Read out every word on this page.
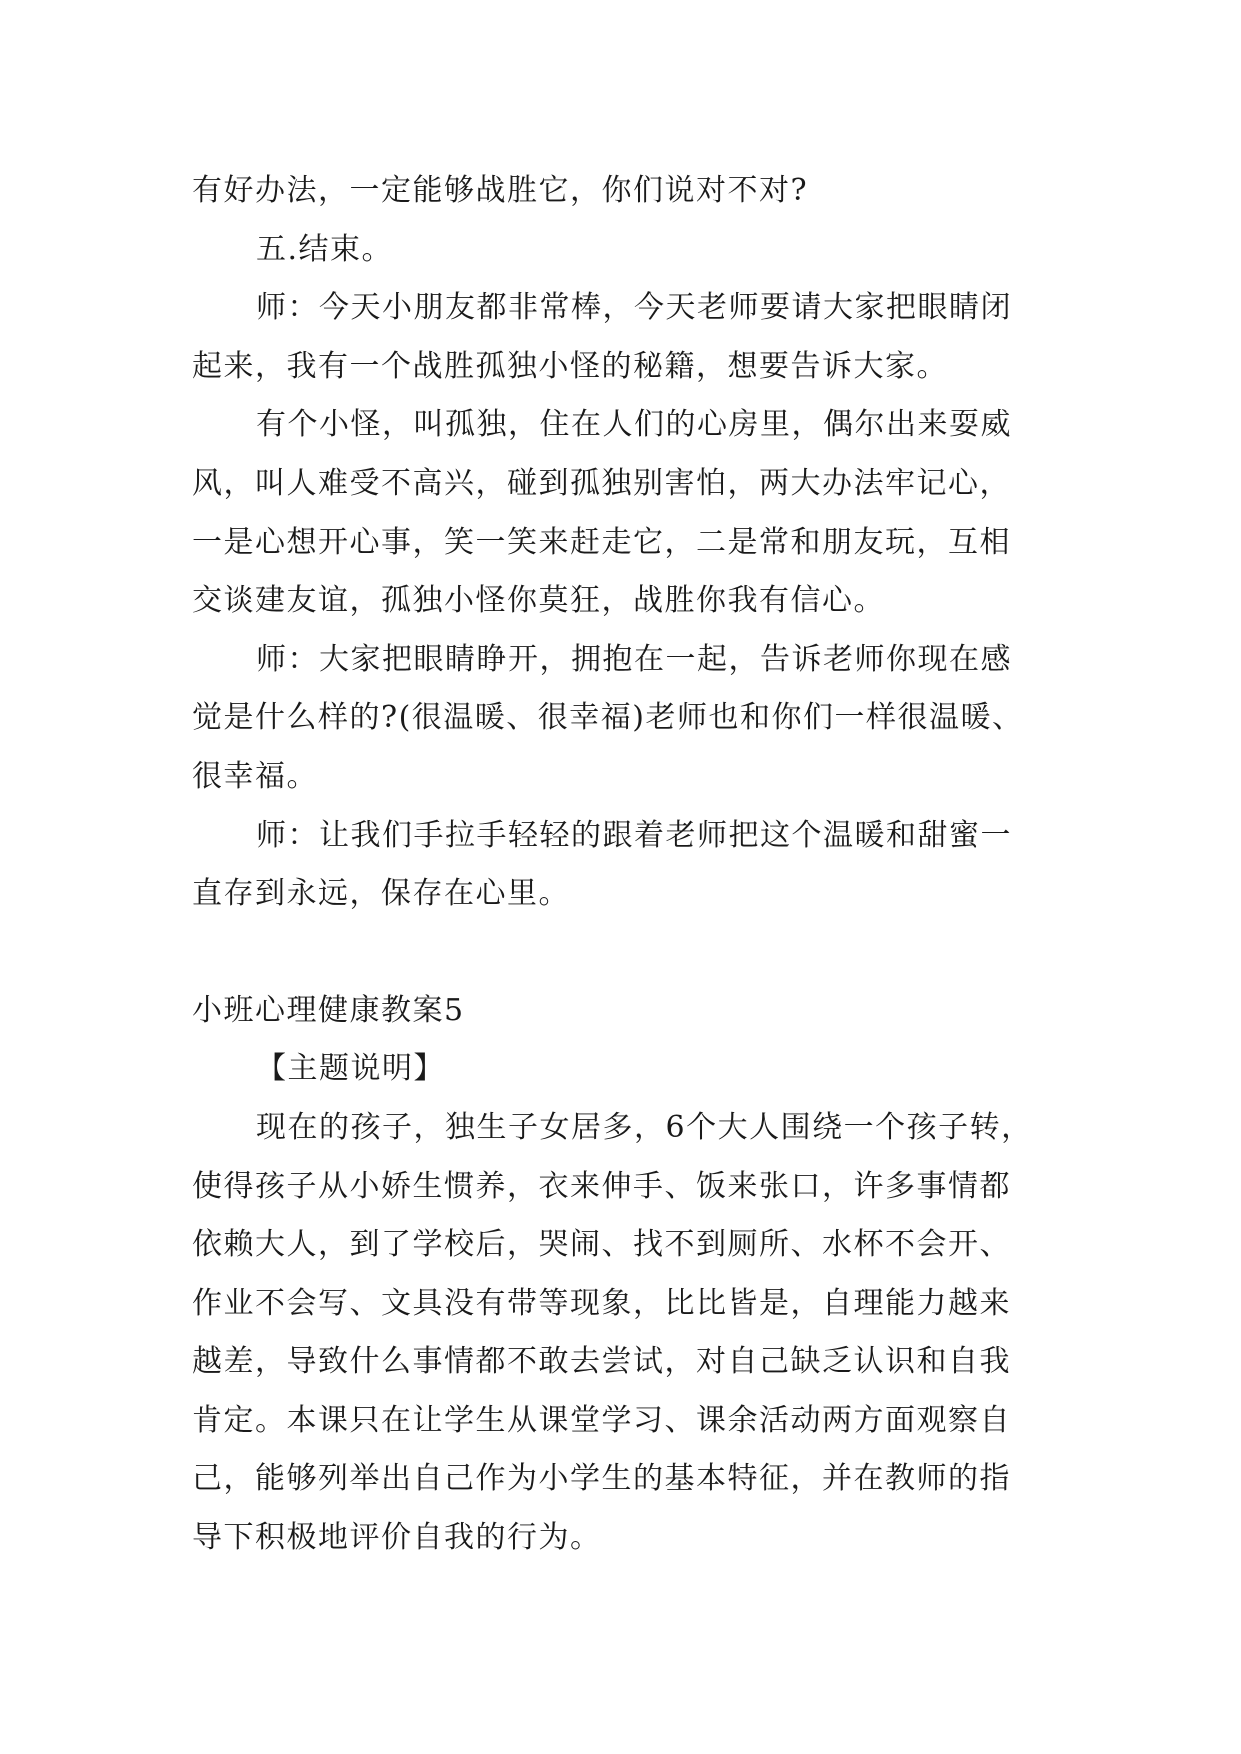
有好办法，一定能够战胜它，你们说对不对?
五.结束。
师：今天小朋友都非常棒，今天老师要请大家把眼睛闭
起来，我有一个战胜孤独小怪的秘籍，想要告诉大家。
有个小怪，叫孤独，住在人们的心房里，偶尔出来耍威
风，叫人难受不高兴，碰到孤独别害怕，两大办法牢记心，
一是心想开心事，笑一笑来赶走它，二是常和朋友玩，互相
交谈建友谊，孤独小怪你莫狂，战胜你我有信心。
师：大家把眼睛睁开，拥抱在一起，告诉老师你现在感
觉是什么样的?(很温暖、很幸福)老师也和你们一样很温暖、
很幸福。
师：让我们手拉手轻轻的跟着老师把这个温暖和甜蜜一
直存到永远，保存在心里。
小班心理健康教案5
【主题说明】
现在的孩子，独生子女居多，6个大人围绕一个孩子转，
使得孩子从小娇生惯养，衣来伸手、饭来张口，许多事情都
依赖大人，到了学校后，哭闹、找不到厕所、水杯不会开、
作业不会写、文具没有带等现象，比比皆是，自理能力越来
越差，导致什么事情都不敢去尝试，对自己缺乏认识和自我
肯定。本课只在让学生从课堂学习、课余活动两方面观察自
己，能够列举出自己作为小学生的基本特征，并在教师的指
导下积极地评价自我的行为。
